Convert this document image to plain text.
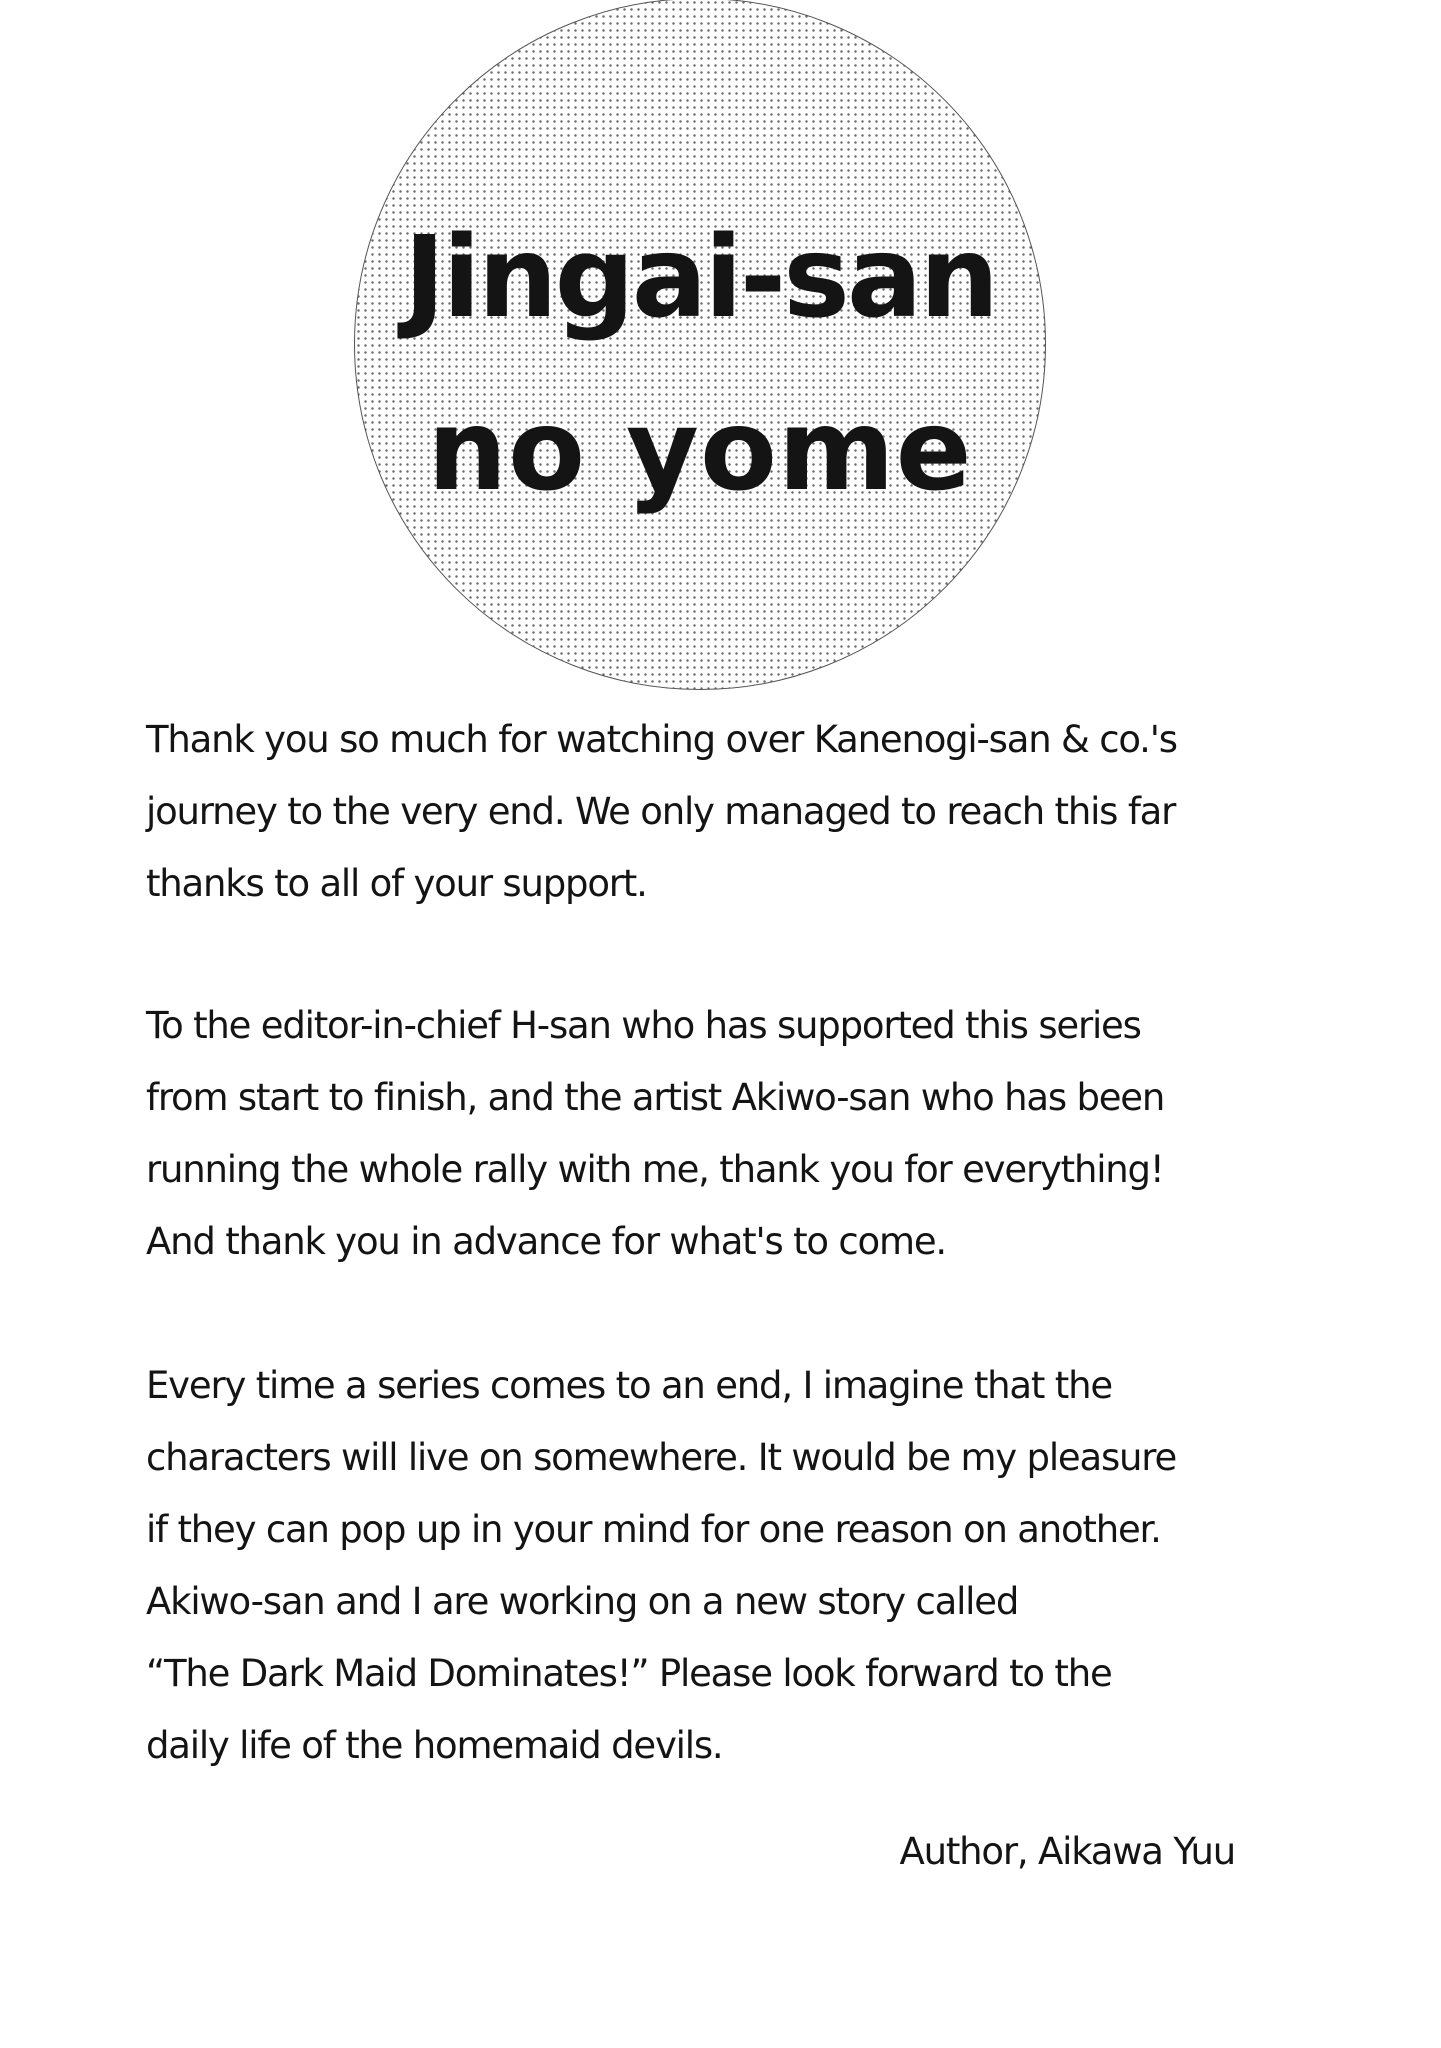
Jingai-san
no yome

Thank you so much for watching over Kanenogi-san & co.'s
journey to the very end. We only managed to reach this far
thanks to all of your support.

To the editor-in-chief H-san who has supported this series
from start to finish, and the artist Akiwo-san who has been
running the whole rally with me, thank you for everything!
And thank you in advance for what's to come.

Every time a series comes to an end, I imagine that the
characters will live on somewhere. It would be my pleasure
if they can pop up in your mind for one reason on another.
Akiwo-san and I are working on a new story called
“The Dark Maid Dominates!” Please look forward to the
daily life of the homemaid devils.

Author, Aikawa Yuu
